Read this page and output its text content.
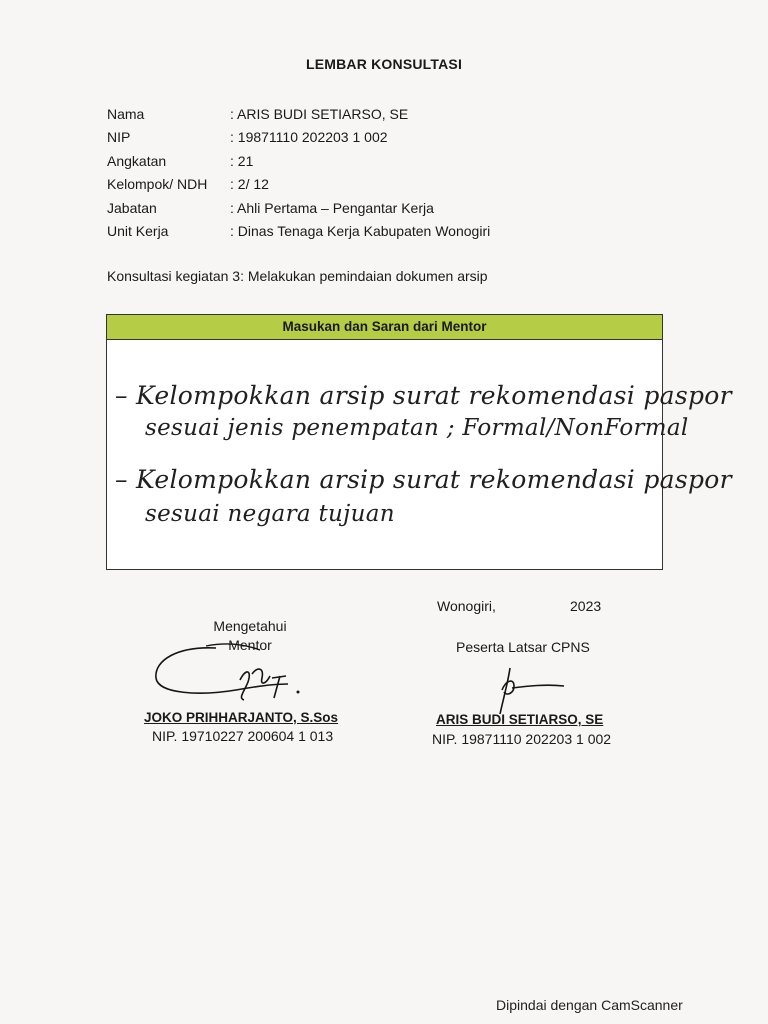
LEMBAR KONSULTASI
Nama	: ARIS BUDI SETIARSO, SE
NIP	: 19871110 202203 1 002
Angkatan	: 21
Kelompok/ NDH	: 2/ 12
Jabatan	: Ahli Pertama – Pengantar Kerja
Unit Kerja	: Dinas Tenaga Kerja Kabupaten Wonogiri
Konsultasi kegiatan 3: Melakukan pemindaian dokumen arsip
Masukan dan Saran dari Mentor
– Kelompokkan arsip surat rekomendasi paspor
sesuai jenis penempatan ; Formal/NonFormal
– Kelompokkan arsip surat rekomendasi paspor
sesuai negara tujuan
Wonogiri,	2023
Mengetahui
Mentor
JOKO PRIHHARJANTO, S.Sos
NIP. 19710227 200604 1 013
Peserta Latsar CPNS
ARIS BUDI SETIARSO, SE
NIP. 19871110 202203 1 002
Dipindai dengan CamScanner
